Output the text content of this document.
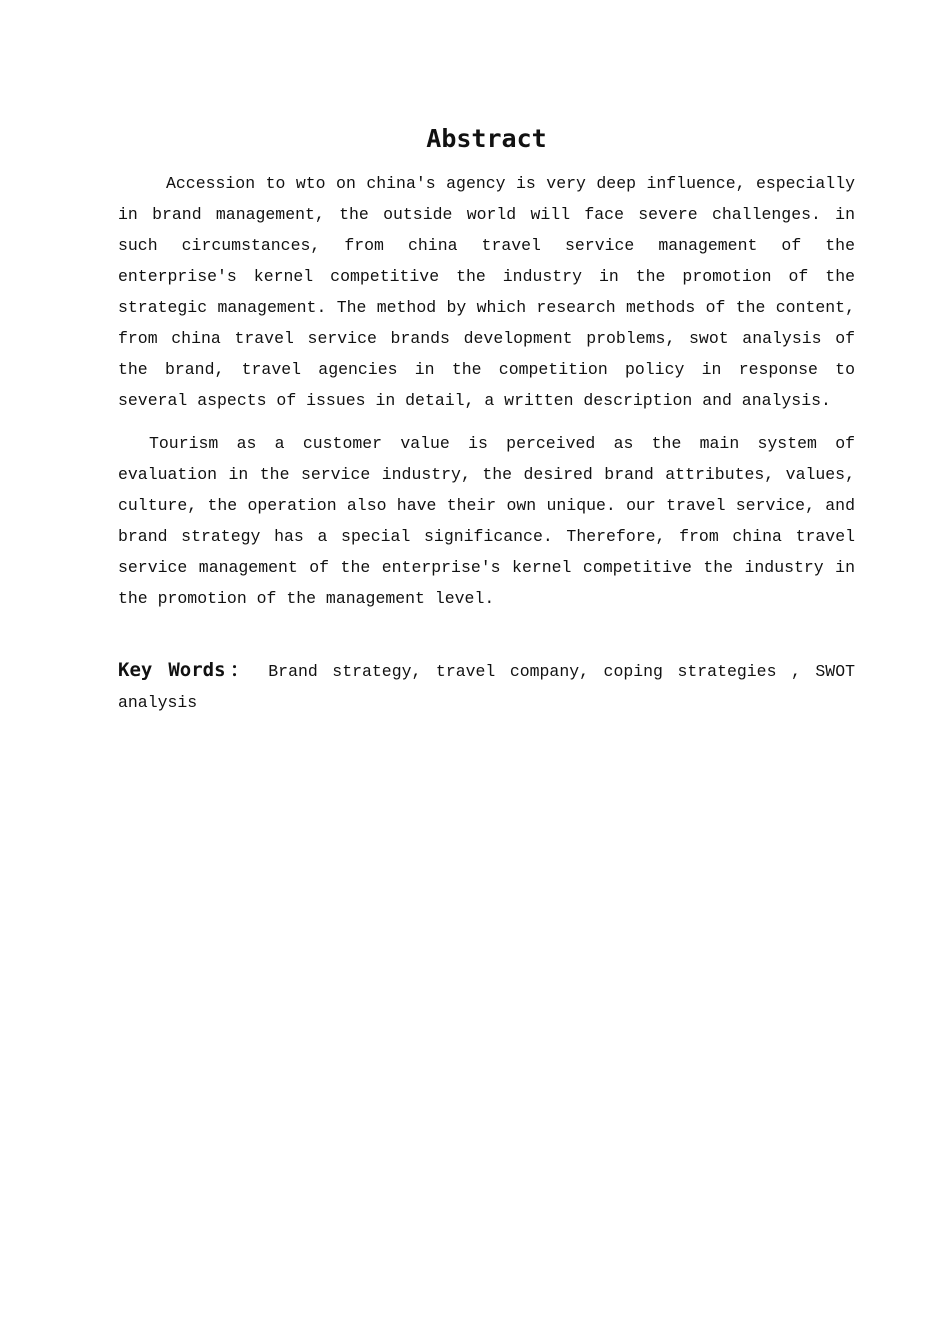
Abstract

Accession to wto on china's agency is very deep influence, especially in brand management, the outside world will face severe challenges. in such circumstances, from china travel service management of the enterprise's kernel competitive the industry in the promotion of the strategic management. The method by which research methods of the content, from china travel service brands development problems, swot analysis of the brand, travel agencies in the competition policy in response to several aspects of issues in detail, a written description and analysis.

Tourism as a customer value is perceived as the main system of evaluation in the service industry, the desired brand attributes, values, culture, the operation also have their own unique. our travel service, and brand strategy has a special significance. Therefore, from china travel service management of the enterprise's kernel competitive the industry in the promotion of the management level.

Key Words： Brand strategy, travel company, coping strategies , SWOT analysis
